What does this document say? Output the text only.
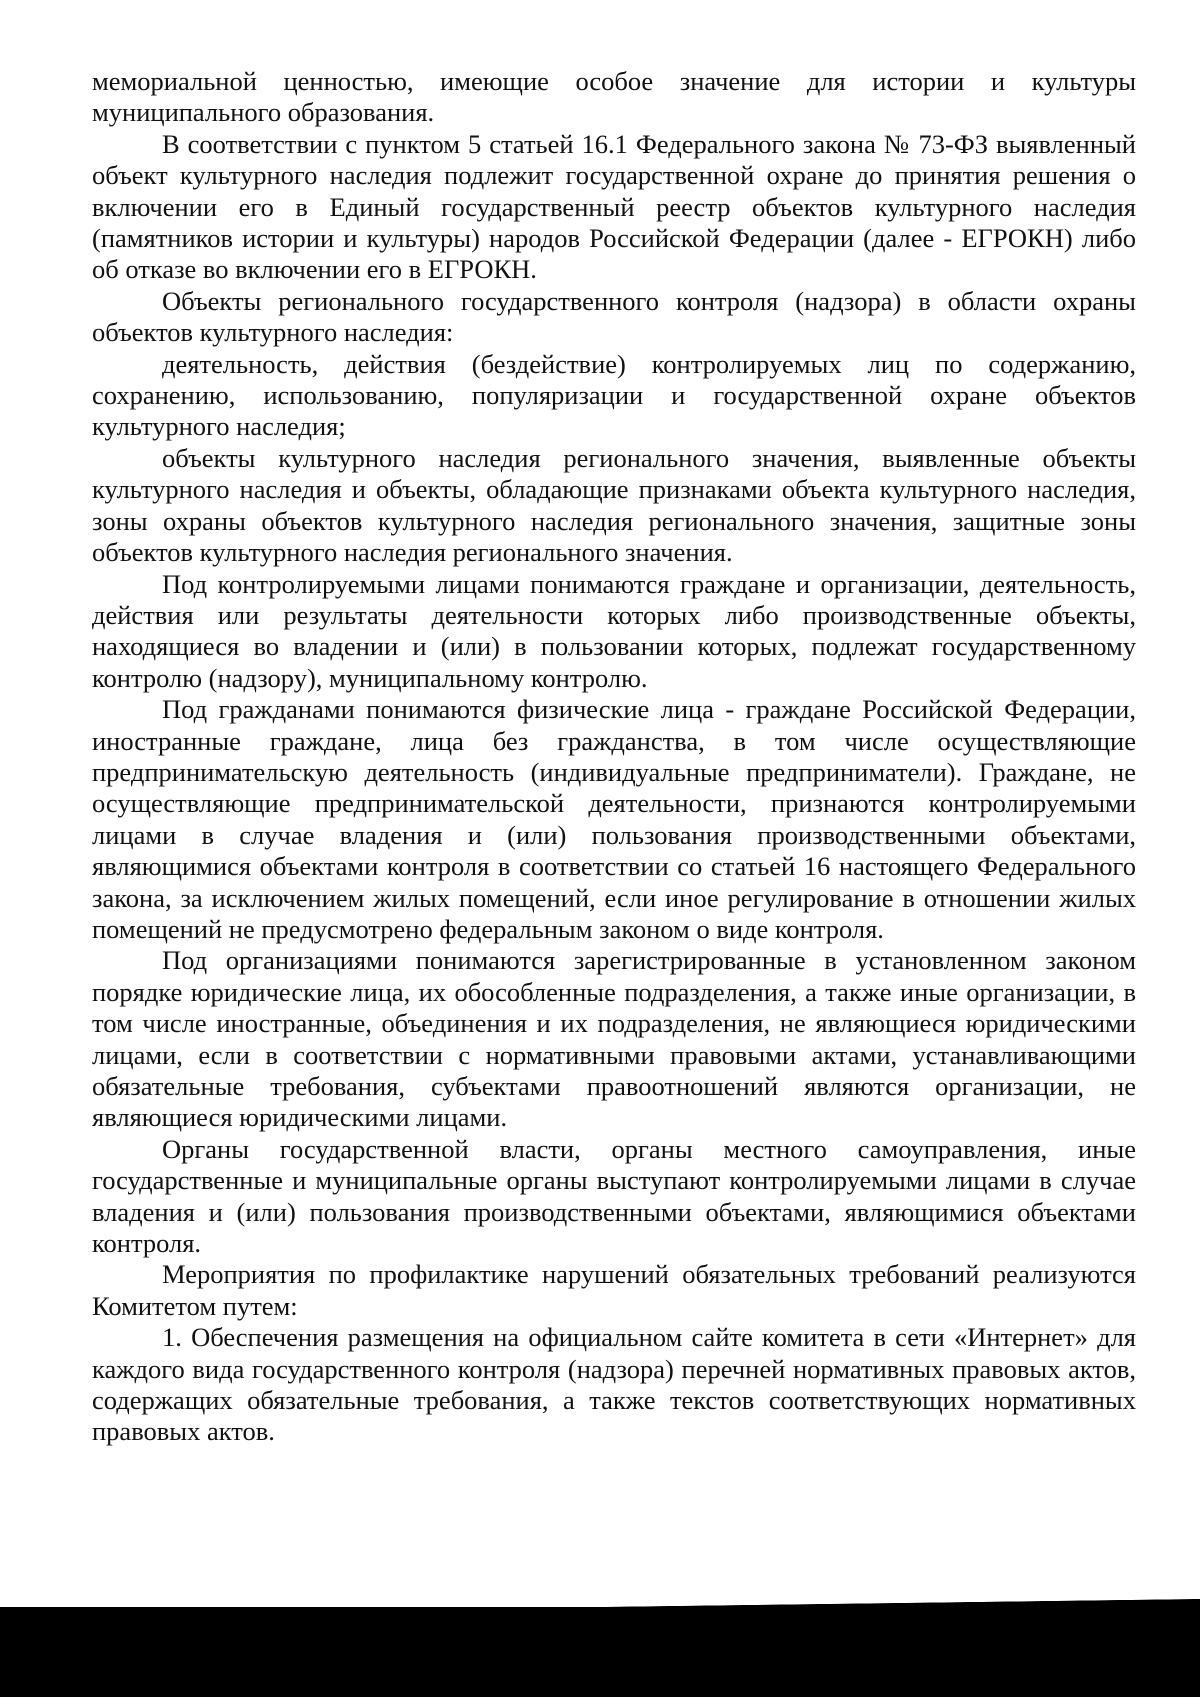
мемориальной ценностью, имеющие особое значение для истории и культуры муниципального образования.

В соответствии с пунктом 5 статьей 16.1 Федерального закона № 73-ФЗ выявленный объект культурного наследия подлежит государственной охране до принятия решения о включении его в Единый государственный реестр объектов культурного наследия (памятников истории и культуры) народов Российской Федерации (далее - ЕГРОКН) либо об отказе во включении его в ЕГРОКН.

Объекты регионального государственного контроля (надзора) в области охраны объектов культурного наследия:

деятельность, действия (бездействие) контролируемых лиц по содержанию, сохранению, использованию, популяризации и государственной охране объектов культурного наследия;

объекты культурного наследия регионального значения, выявленные объекты культурного наследия и объекты, обладающие признаками объекта культурного наследия, зоны охраны объектов культурного наследия регионального значения, защитные зоны объектов культурного наследия регионального значения.

Под контролируемыми лицами понимаются граждане и организации, деятельность, действия или результаты деятельности которых либо производственные объекты, находящиеся во владении и (или) в пользовании которых, подлежат государственному контролю (надзору), муниципальному контролю.

Под гражданами понимаются физические лица - граждане Российской Федерации, иностранные граждане, лица без гражданства, в том числе осуществляющие предпринимательскую деятельность (индивидуальные предприниматели). Граждане, не осуществляющие предпринимательской деятельности, признаются контролируемыми лицами в случае владения и (или) пользования производственными объектами, являющимися объектами контроля в соответствии со статьей 16 настоящего Федерального закона, за исключением жилых помещений, если иное регулирование в отношении жилых помещений не предусмотрено федеральным законом о виде контроля.

Под организациями понимаются зарегистрированные в установленном законом порядке юридические лица, их обособленные подразделения, а также иные организации, в том числе иностранные, объединения и их подразделения, не являющиеся юридическими лицами, если в соответствии с нормативными правовыми актами, устанавливающими обязательные требования, субъектами правоотношений являются организации, не являющиеся юридическими лицами.

Органы государственной власти, органы местного самоуправления, иные государственные и муниципальные органы выступают контролируемыми лицами в случае владения и (или) пользования производственными объектами, являющимися объектами контроля.

Мероприятия по профилактике нарушений обязательных требований реализуются Комитетом путем:

1. Обеспечения размещения на официальном сайте комитета в сети «Интернет» для каждого вида государственного контроля (надзора) перечней нормативных правовых актов, содержащих обязательные требования, а также текстов соответствующих нормативных правовых актов.
